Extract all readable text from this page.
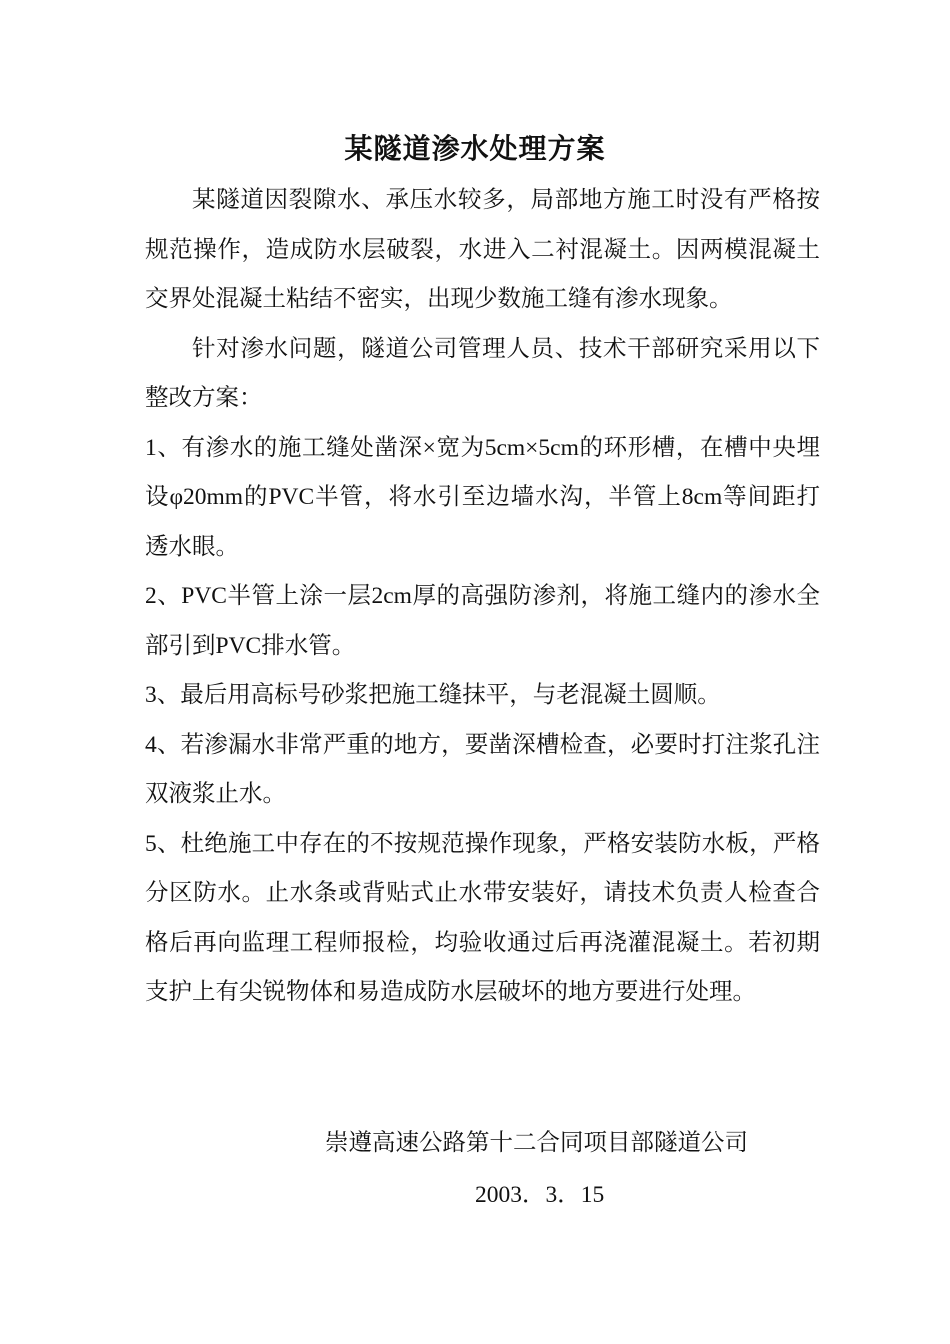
某隧道渗水处理方案

某隧道因裂隙水、承压水较多，局部地方施工时没有严格按规范操作，造成防水层破裂，水进入二衬混凝土。因两模混凝土交界处混凝土粘结不密实，出现少数施工缝有渗水现象。

针对渗水问题，隧道公司管理人员、技术干部研究采用以下整改方案：

1、有渗水的施工缝处凿深×宽为5cm×5cm的环形槽，在槽中央埋设φ20mm的PVC半管，将水引至边墙水沟，半管上8cm等间距打透水眼。

2、PVC半管上涂一层2cm厚的高强防渗剂，将施工缝内的渗水全部引到PVC排水管。

3、最后用高标号砂浆把施工缝抹平，与老混凝土圆顺。

4、若渗漏水非常严重的地方，要凿深槽检查，必要时打注浆孔注双液浆止水。

5、杜绝施工中存在的不按规范操作现象，严格安装防水板，严格分区防水。止水条或背贴式止水带安装好，请技术负责人检查合格后再向监理工程师报检，均验收通过后再浇灌混凝土。若初期支护上有尖锐物体和易造成防水层破坏的地方要进行处理。

崇遵高速公路第十二合同项目部隧道公司
2003．3．15
